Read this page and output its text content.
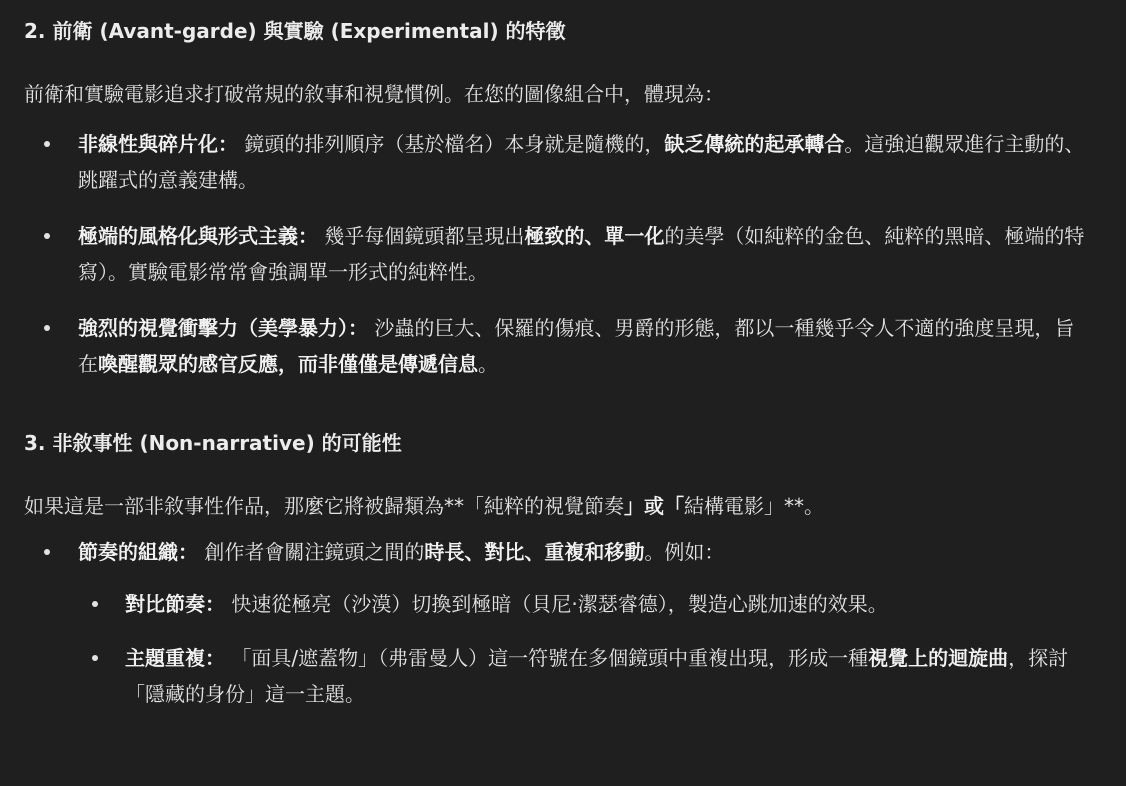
2. 前衛 (Avant-garde) 與實驗 (Experimental) 的特徵

前衛和實驗電影追求打破常規的敘事和視覺慣例。在您的圖像組合中，體現為：

非線性與碎片化： 鏡頭的排列順序（基於檔名）本身就是隨機的，缺乏傳統的起承轉合。這強迫觀眾進行主動的、跳躍式的意義建構。
極端的風格化與形式主義： 幾乎每個鏡頭都呈現出極致的、單一化的美學（如純粹的金色、純粹的黑暗、極端的特寫）。實驗電影常常會強調單一形式的純粹性。
強烈的視覺衝擊力（美學暴力）： 沙蟲的巨大、保羅的傷痕、男爵的形態，都以一種幾乎令人不適的強度呈現，旨在喚醒觀眾的感官反應，而非僅僅是傳遞信息。
3. 非敘事性 (Non-narrative) 的可能性

如果這是一部非敘事性作品，那麼它將被歸類為**「純粹的視覺節奏」或「結構電影」**。

節奏的組織： 創作者會關注鏡頭之間的時長、對比、重複和移動。例如：
對比節奏： 快速從極亮（沙漠）切換到極暗（貝尼·潔瑟睿德），製造心跳加速的效果。
主題重複： 「面具/遮蓋物」（弗雷曼人）這一符號在多個鏡頭中重複出現，形成一種視覺上的迴旋曲，探討「隱藏的身份」這一主題。
